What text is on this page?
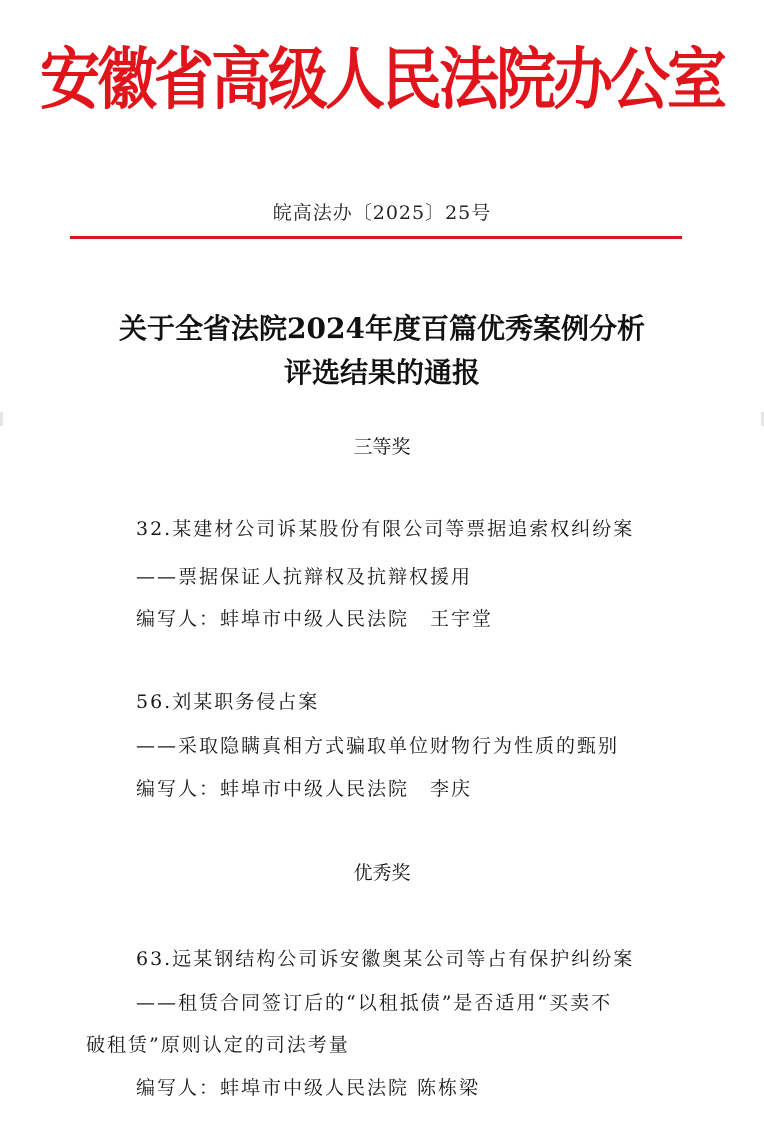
安徽省高级人民法院办公室
皖高法办〔2025〕25号
关于全省法院2024年度百篇优秀案例分析
评选结果的通报
三等奖
32.某建材公司诉某股份有限公司等票据追索权纠纷案
——票据保证人抗辩权及抗辩权援用
编写人：蚌埠市中级人民法院　王宇堂
56.刘某职务侵占案
——采取隐瞒真相方式骗取单位财物行为性质的甄别
编写人：蚌埠市中级人民法院　李庆
优秀奖
63.远某钢结构公司诉安徽奥某公司等占有保护纠纷案
——租赁合同签订后的“以租抵债”是否适用“买卖不
破租赁”原则认定的司法考量
编写人：蚌埠市中级人民法院 陈栋梁
